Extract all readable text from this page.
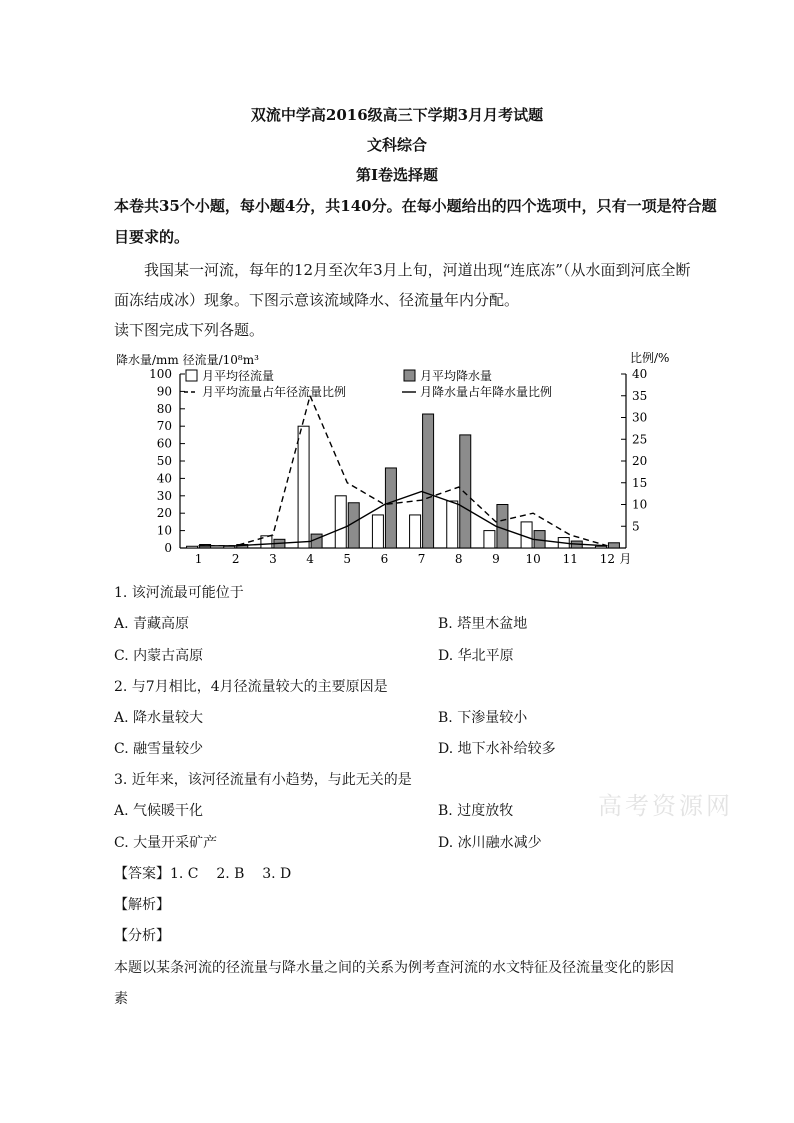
双流中学高2016级高三下学期3月月考试题
文科综合
第Ⅰ卷选择题
本卷共35个小题，每小题4分，共140分。在每小题给出的四个选项中，只有一项是符合题
目要求的。
我国某一河流，每年的12月至次年3月上旬，河道出现“连底冻”（从水面到河底全断
面冻结成冰）现象。下图示意该流域降水、径流量年内分配。
读下图完成下列各题。
0
10
20
30
40
50
60
70
80
90
100
5
10
15
20
25
30
35
40
1 2 3 4 5 6 7 8 9 10 11 12 月
降水量/mm 径流量/10⁸m³	比例/%
月平均径流量
月平均流量占年径流量比例
月平均降水量
月降水量占年降水量比例
1. 该河流最可能位于
A. 青藏高原	B. 塔里木盆地
C. 内蒙古高原	D. 华北平原
2. 与7月相比，4月径流量较大的主要原因是
A. 降水量较大	B. 下渗量较小
C. 融雪量较少	D. 地下水补给较多
3. 近年来，该河径流量有小趋势，与此无关的是
A. 气候暖干化	B. 过度放牧
C. 大量开采矿产	D. 冰川融水减少
高考资源网
【答案】1. C    2. B    3. D
【解析】
【分析】
本题以某条河流的径流量与降水量之间的关系为例考查河流的水文特征及径流量变化的影因
素
